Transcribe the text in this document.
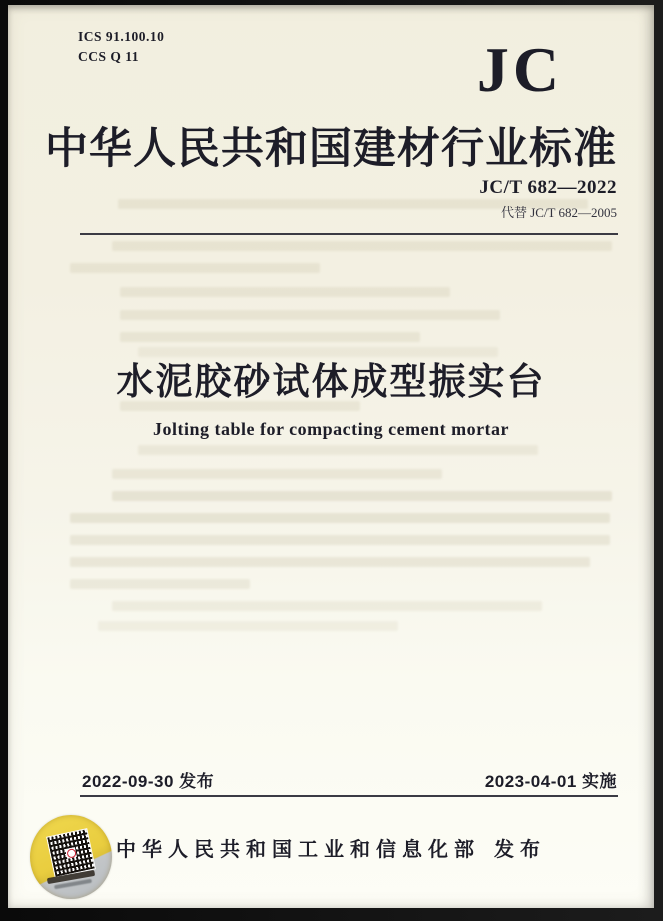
ICS 91.100.10
CCS Q 11	JC
中华人民共和国建材行业标准
JC/T 682—2022
代替 JC/T 682—2005
水泥胶砂试体成型振实台
Jolting table for compacting cement mortar
2022-09-30 发布	2023-04-01 实施
中华人民共和国工业和信息化部 发布
